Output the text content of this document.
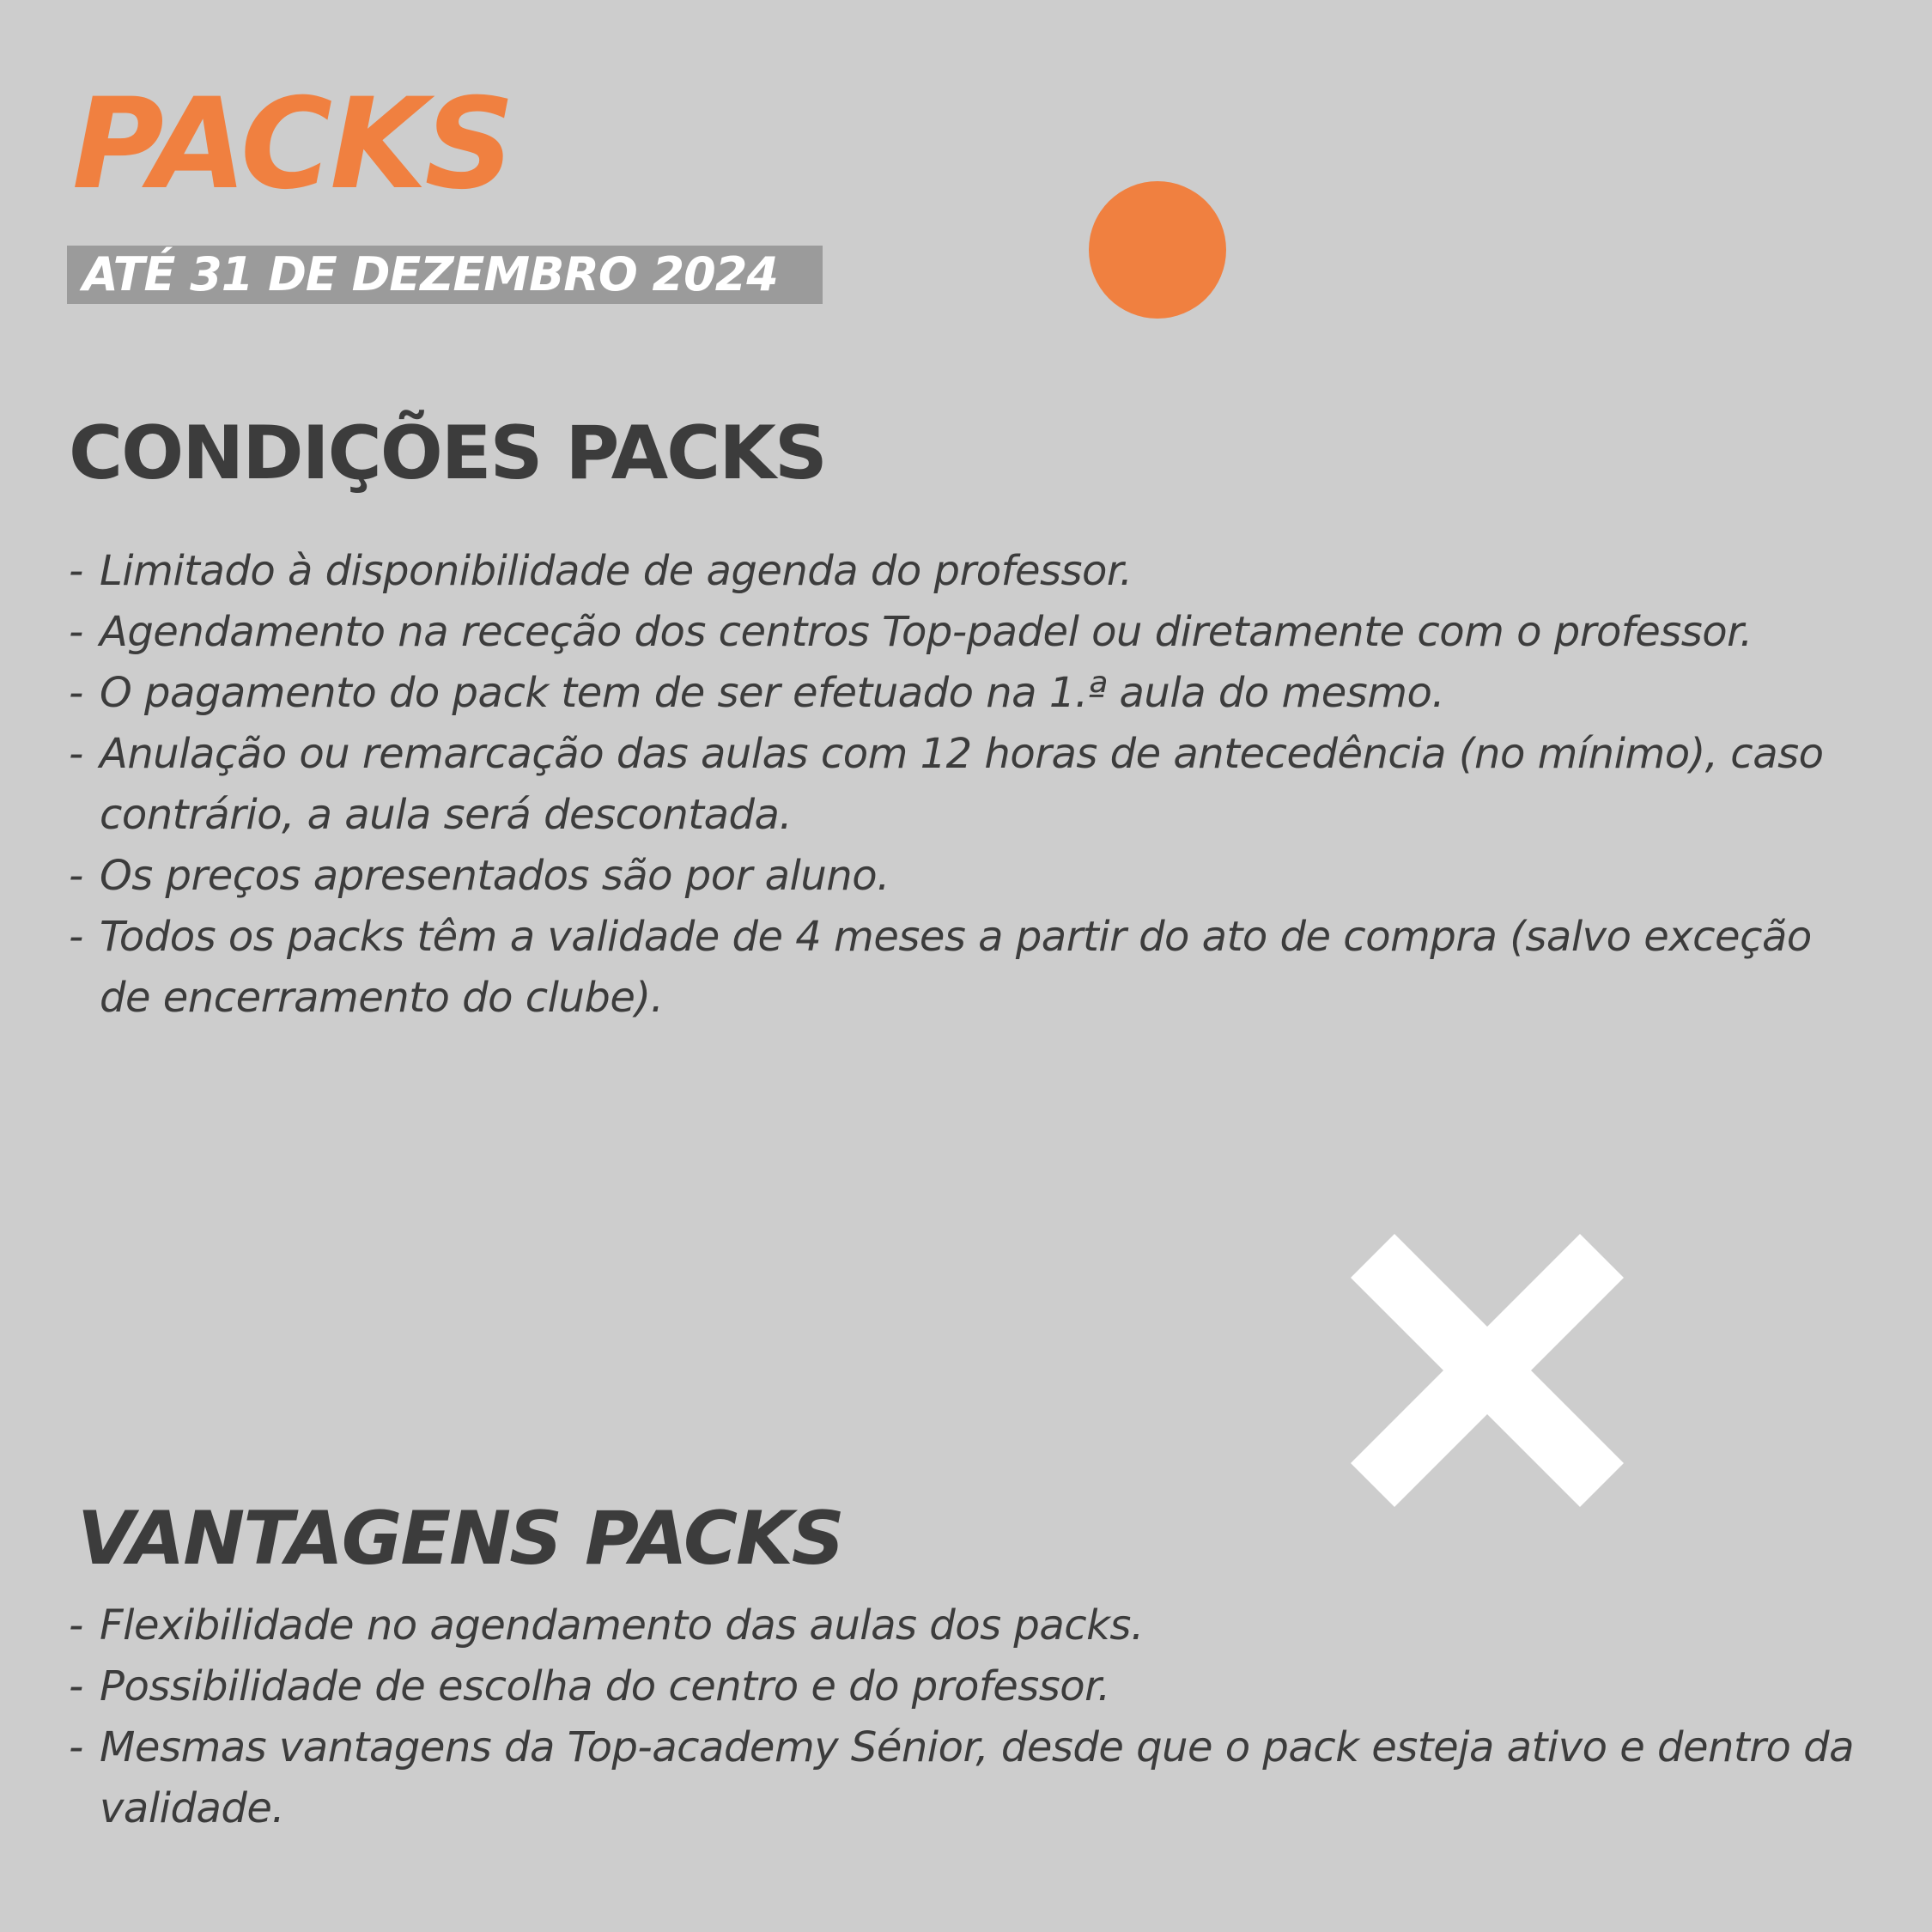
PACKS
ATÉ 31 DE DEZEMBRO 2024
CONDIÇÕES PACKS
- Limitado à disponibilidade de agenda do professor.
- Agendamento na receção dos centros Top-padel ou diretamente com o professor.
- O pagamento do pack tem de ser efetuado na 1.ª aula do mesmo.
- Anulação ou remarcação das aulas com 12 horas de antecedência (no mínimo), caso contrário, a aula será descontada.
- Os preços apresentados são por aluno.
- Todos os packs têm a validade de 4 meses a partir do ato de compra (salvo exceção de encerramento do clube).
VANTAGENS PACKS
- Flexibilidade no agendamento das aulas dos packs.
- Possibilidade de escolha do centro e do professor.
- Mesmas vantagens da Top-academy Sénior, desde que o pack esteja ativo e dentro da validade.
